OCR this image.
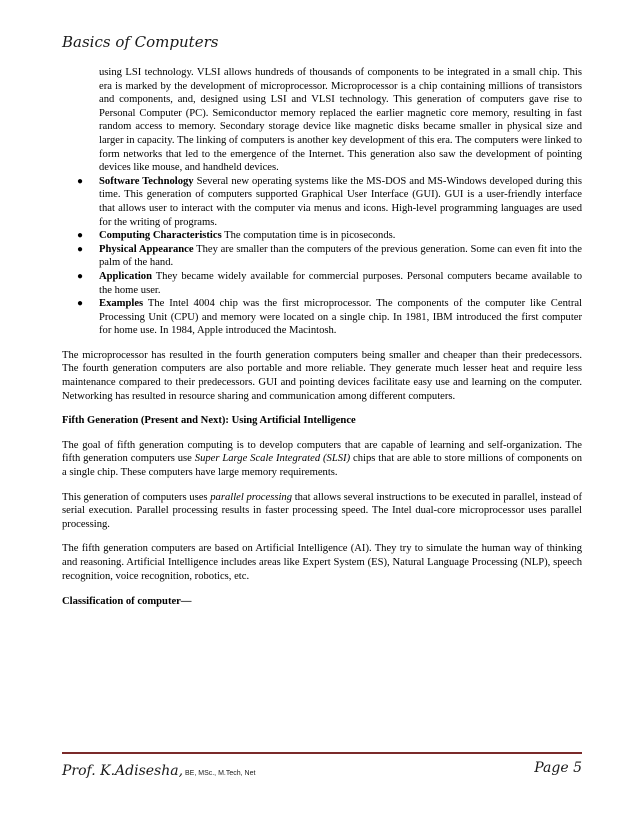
Basics of Computers

using LSI technology. VLSI allows hundreds of thousands of components to be integrated in a small chip. This era is marked by the development of microprocessor. Microprocessor is a chip containing millions of transistors and components, and, designed using LSI and VLSI technology. This generation of computers gave rise to Personal Computer (PC). Semiconductor memory replaced the earlier magnetic core memory, resulting in fast random access to memory. Secondary storage device like magnetic disks became smaller in physical size and larger in capacity. The linking of computers is another key development of this era. The computers were linked to form networks that led to the emergence of the Internet. This generation also saw the development of pointing devices like mouse, and handheld devices.

● Software Technology Several new operating systems like the MS-DOS and MS-Windows developed during this time. This generation of computers supported Graphical User Interface (GUI). GUI is a user-friendly interface that allows user to interact with the computer via menus and icons. High-level programming languages are used for the writing of programs.
● Computing Characteristics The computation time is in picoseconds.
● Physical Appearance They are smaller than the computers of the previous generation. Some can even fit into the palm of the hand.
● Application They became widely available for commercial purposes. Personal computers became available to the home user.
● Examples The Intel 4004 chip was the first microprocessor. The components of the computer like Central Processing Unit (CPU) and memory were located on a single chip. In 1981, IBM introduced the first computer for home use. In 1984, Apple introduced the Macintosh.

The microprocessor has resulted in the fourth generation computers being smaller and cheaper than their predecessors. The fourth generation computers are also portable and more reliable. They generate much lesser heat and require less maintenance compared to their predecessors. GUI and pointing devices facilitate easy use and learning on the computer. Networking has resulted in resource sharing and communication among different computers.

Fifth Generation (Present and Next): Using Artificial Intelligence

The goal of fifth generation computing is to develop computers that are capable of learning and self-organization. The fifth generation computers use Super Large Scale Integrated (SLSI) chips that are able to store millions of components on a single chip. These computers have large memory requirements.

This generation of computers uses parallel processing that allows several instructions to be executed in parallel, instead of serial execution. Parallel processing results in faster processing speed. The Intel dual-core microprocessor uses parallel processing.

The fifth generation computers are based on Artificial Intelligence (AI). They try to simulate the human way of thinking and reasoning. Artificial Intelligence includes areas like Expert System (ES), Natural Language Processing (NLP), speech recognition, voice recognition, robotics, etc.

Classification of computer—

Prof. K.Adisesha, BE, MSc., M.Tech, Net	Page 5
